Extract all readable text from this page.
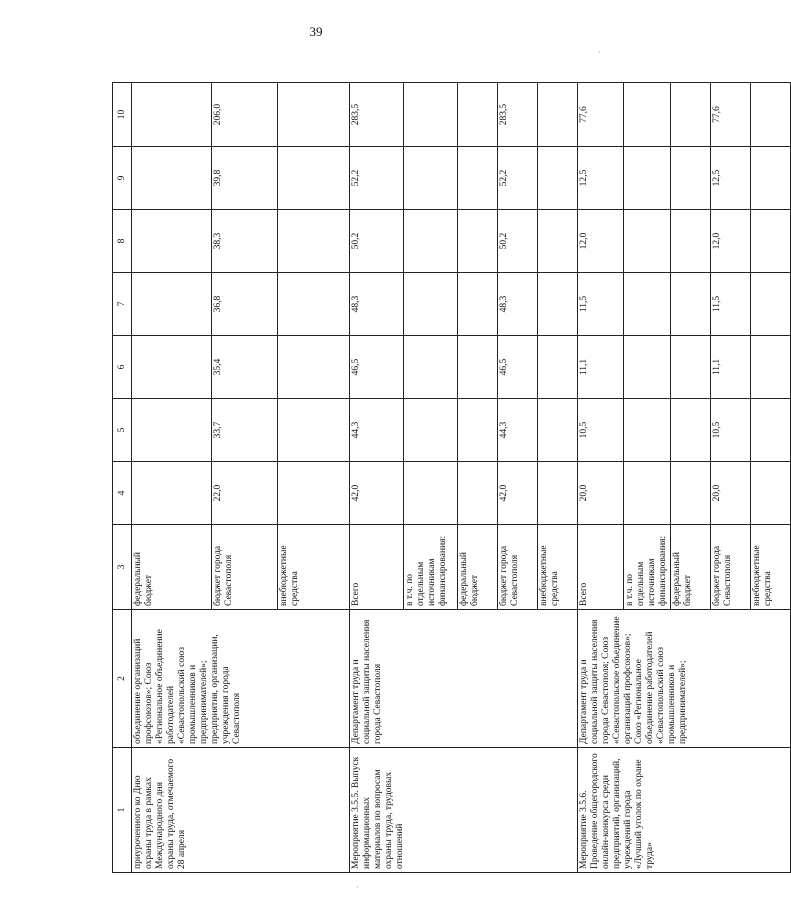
39
1	2	3	4	5	6	7	8	9	10
приуроченного ко Дню охраны труда в рамках Международного дня охраны труда, отмечаемого 28 апреля	объединение организаций профсоюзов»; Союз «Региональное объединение работодателей «Севастопольский союз промышленников и предпринимателей»; предприятия, организации, учреждения города Севастополя	федеральный бюджет							
		бюджет города Севастополя	22,0	33,7	35,4	36,8	38,3	39,8	206,0
		внебюджетные средства							
Мероприятие 3.5.5. Выпуск информационных материалов по вопросам охраны труда, трудовых отношений	Департамент труда и социальной защиты населения города Севастополя	Всего	42,0	44,3	46,5	48,3	50,2	52,2	283,5
		в т.ч. по отдельным источникам финансирования:							
		федеральный бюджет							
		бюджет города Севастополя	42,0	44,3	46,5	48,3	50,2	52,2	283,5
		внебюджетные средства							
Мероприятие 3.5.6. Проведение общегородского онлайн-конкурса среди предприятий, организаций, учреждений города «Лучший уголок по охране труда»	Департамент труда и социальной защиты населения города Севастополя; Союз «Севастопольское объединение организаций профсоюзов»; Союз «Региональное объединение работодателей «Севастопольский союз промышленников и предпринимателей»;	Всего	20,0	10,5	11,1	11,5	12,0	12,5	77,6
		в т.ч. по отдельным источникам финансирования:							
		федеральный бюджет							
		бюджет города Севастополя	20,0	10,5	11,1	11,5	12,0	12,5	77,6
		внебюджетные средства							
·
·
